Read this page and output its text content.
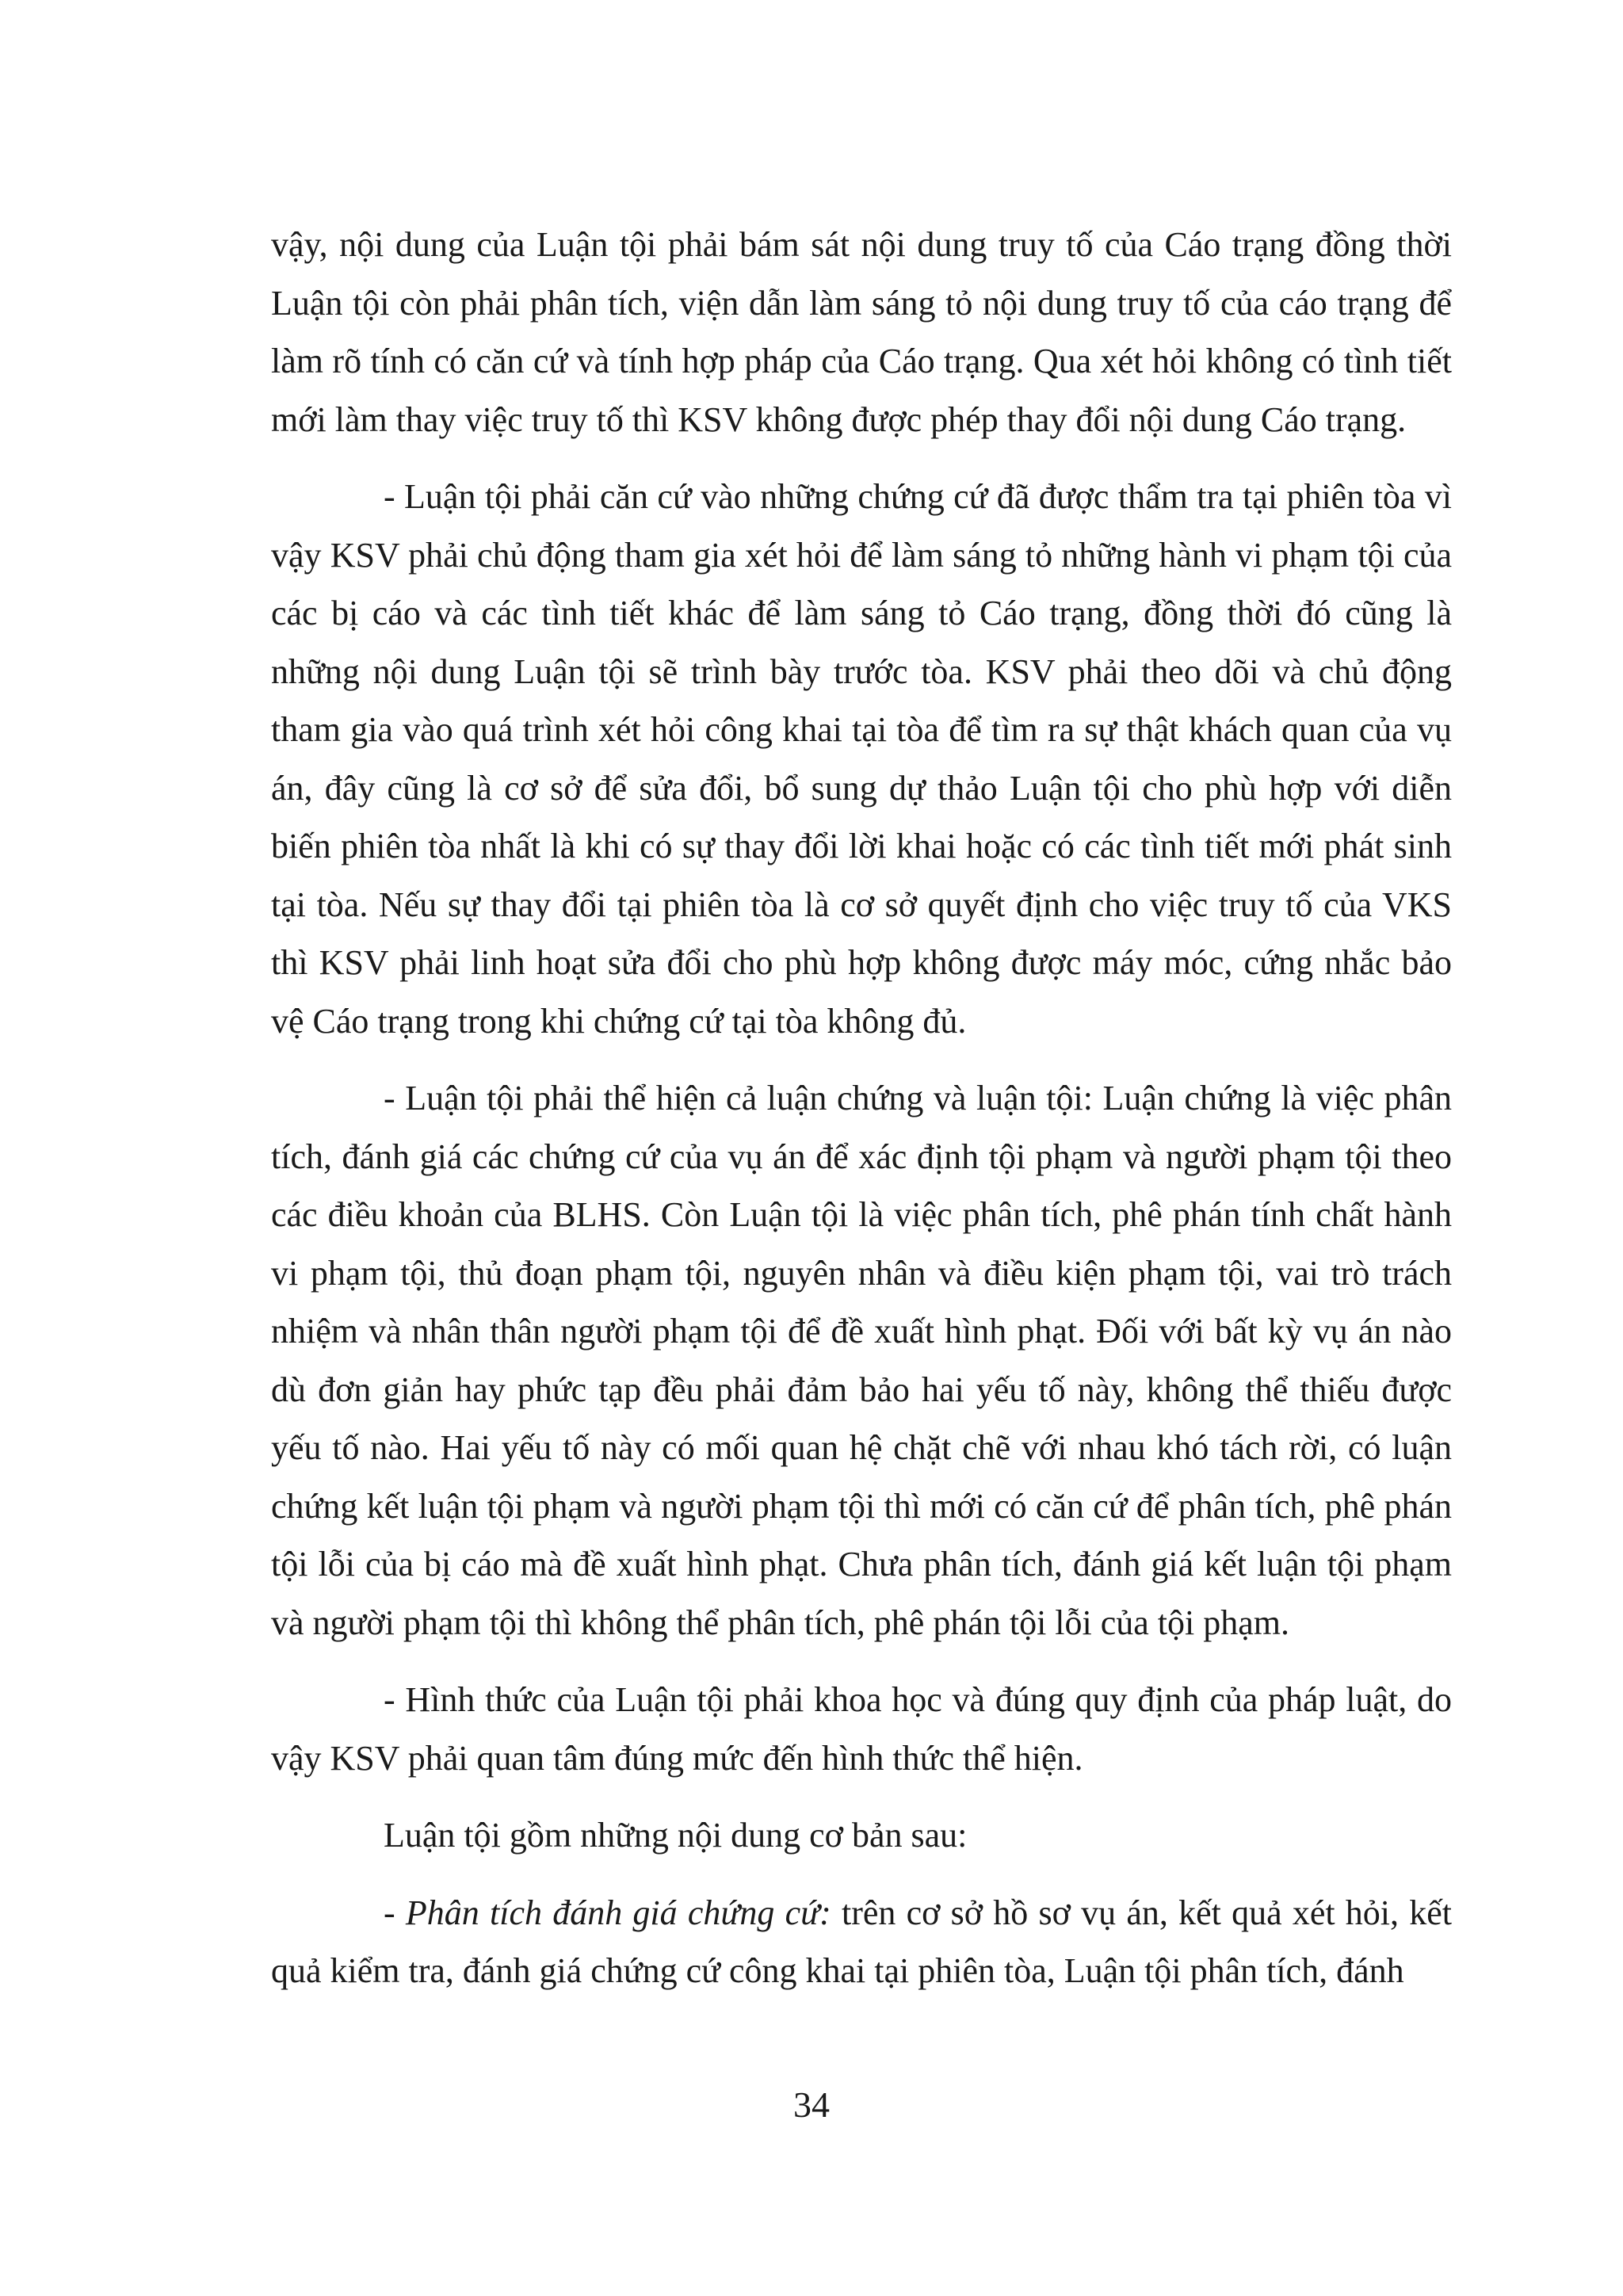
vậy, nội dung của Luận tội phải bám sát nội dung truy tố của Cáo trạng đồng thời Luận tội còn phải phân tích, viện dẫn làm sáng tỏ nội dung truy tố của cáo trạng để làm rõ tính có căn cứ và tính hợp pháp của Cáo trạng. Qua xét hỏi không có tình tiết mới làm thay việc truy tố thì KSV không được phép thay đổi nội dung Cáo trạng.

- Luận tội phải căn cứ vào những chứng cứ đã được thẩm tra tại phiên tòa vì vậy KSV phải chủ động tham gia xét hỏi để làm sáng tỏ những hành vi phạm tội của các bị cáo và các tình tiết khác để làm sáng tỏ Cáo trạng, đồng thời đó cũng là những nội dung Luận tội sẽ trình bày trước tòa. KSV phải theo dõi và chủ động tham gia vào quá trình xét hỏi công khai tại tòa để tìm ra sự thật khách quan của vụ án, đây cũng là cơ sở để sửa đổi, bổ sung dự thảo Luận tội cho phù hợp với diễn biến phiên tòa nhất là khi có sự thay đổi lời khai hoặc có các tình tiết mới phát sinh tại tòa. Nếu sự thay đổi tại phiên tòa là cơ sở quyết định cho việc truy tố của VKS thì KSV phải linh hoạt sửa đổi cho phù hợp không được máy móc, cứng nhắc bảo vệ Cáo trạng trong khi chứng cứ tại tòa không đủ.

- Luận tội phải thể hiện cả luận chứng và luận tội: Luận chứng là việc phân tích, đánh giá các chứng cứ của vụ án để xác định tội phạm và người phạm tội theo các điều khoản của BLHS. Còn Luận tội là việc phân tích, phê phán tính chất hành vi phạm tội, thủ đoạn phạm tội, nguyên nhân và điều kiện phạm tội, vai trò trách nhiệm và nhân thân người phạm tội để đề xuất hình phạt. Đối với bất kỳ vụ án nào dù đơn giản hay phức tạp đều phải đảm bảo hai yếu tố này, không thể thiếu được yếu tố nào. Hai yếu tố này có mối quan hệ chặt chẽ với nhau khó tách rời, có luận chứng kết luận tội phạm và người phạm tội thì mới có căn cứ để phân tích, phê phán tội lỗi của bị cáo mà đề xuất hình phạt. Chưa phân tích, đánh giá kết luận tội phạm và người phạm tội thì không thể phân tích, phê phán tội lỗi của tội phạm.

- Hình thức của Luận tội phải khoa học và đúng quy định của pháp luật, do vậy KSV phải quan tâm đúng mức đến hình thức thể hiện.

Luận tội gồm những nội dung cơ bản sau:

- Phân tích đánh giá chứng cứ: trên cơ sở hồ sơ vụ án, kết quả xét hỏi, kết quả kiểm tra, đánh giá chứng cứ công khai tại phiên tòa, Luận tội phân tích, đánh

34
